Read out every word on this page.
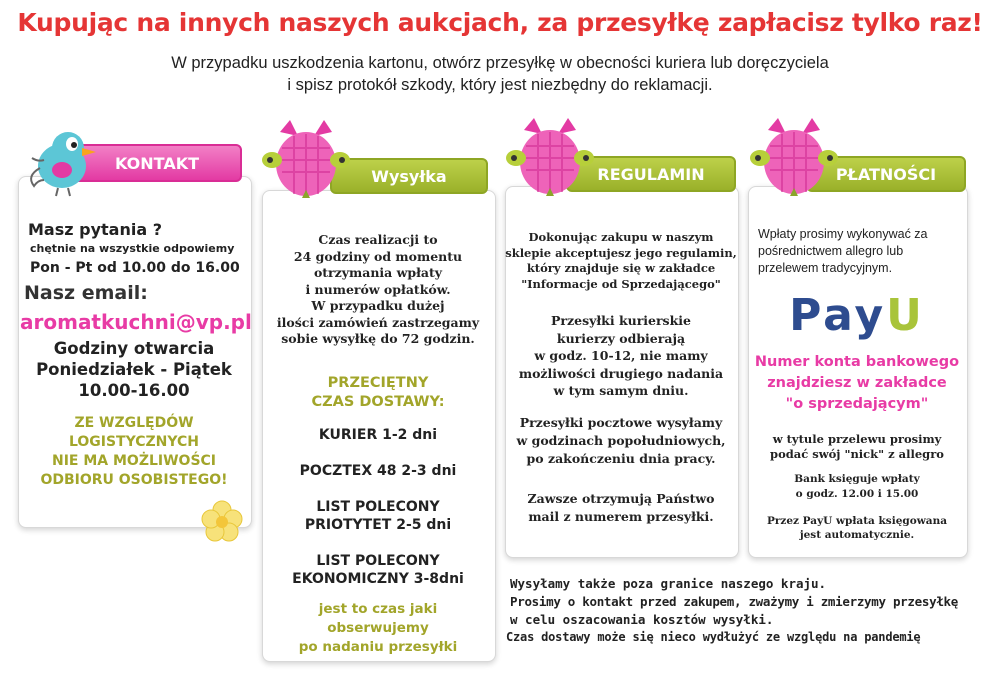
Kupując na innych naszych aukcjach, za przesyłkę zapłacisz tylko raz!
W przypadku uszkodzenia kartonu, otwórz przesyłkę w obecności kuriera lub doręczyciela
i spisz protokół szkody, który jest niezbędny do reklamacji.
KONTAKT
Masz pytania ?
chętnie na wszystkie odpowiemy
Pon - Pt od 10.00 do 16.00
Nasz email:
aromatkuchni@vp.pl
Godziny otwarcia
Poniedziałek - Piątek
10.00-16.00
ZE WZGLĘDÓW
LOGISTYCZNYCH
NIE MA MOŻLIWOŚCI
ODBIORU OSOBISTEGO!
Wysyłka
Czas realizacji to
24 godziny od momentu
otrzymania wpłaty
i numerów opłatków.
W przypadku dużej
ilości zamówień zastrzegamy
sobie wysyłkę do 72 godzin.
PRZECIĘTNY
CZAS DOSTAWY:
KURIER 1-2 dni
POCZTEX 48 2-3 dni
LIST POLECONY
PRIOTYTET 2-5 dni
LIST POLECONY
EKONOMICZNY 3-8dni
jest to czas jaki
obserwujemy
po nadaniu przesyłki
REGULAMIN
Dokonując zakupu w naszym
sklepie akceptujesz jego regulamin,
który znajduje się w zakładce
"Informacje od Sprzedającego"
Przesyłki kurierskie
kurierzy odbierają
w godz. 10-12, nie mamy
możliwości drugiego nadania
w tym samym dniu.
Przesyłki pocztowe wysyłamy
w godzinach popołudniowych,
po zakończeniu dnia pracy.
Zawsze otrzymują Państwo
mail z numerem przesyłki.
PŁATNOŚCI
Wpłaty prosimy wykonywać za
pośrednictwem allegro lub
przelewem tradycyjnym.
PayU
Numer konta bankowego
znajdziesz w zakładce
"o sprzedającym"
w tytule przelewu prosimy
podać swój "nick" z allegro
Bank księguje wpłaty
o godz. 12.00 i 15.00
Przez PayU wpłata księgowana
jest automatycznie.
Wysyłamy także poza granice naszego kraju.
Prosimy o kontakt przed zakupem, zważymy i zmierzymy przesyłkę
w celu oszacowania kosztów wysyłki.
Czas dostawy może się nieco wydłużyć ze względu na pandemię
